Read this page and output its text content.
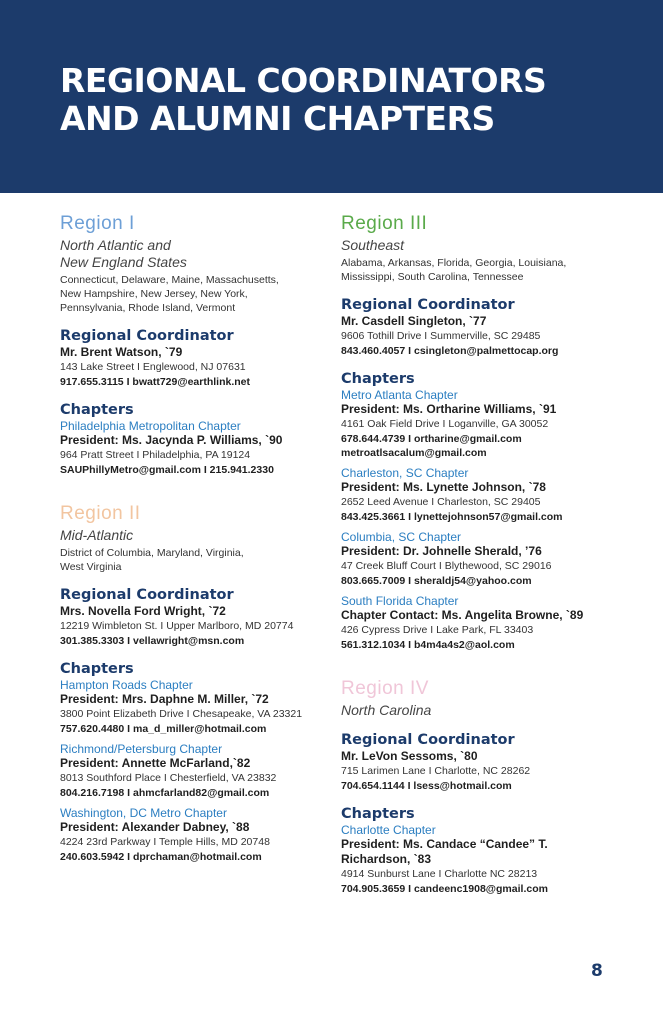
REGIONAL COORDINATORS
AND ALUMNI CHAPTERS
Region I

North Atlantic and
New England States

Connecticut, Delaware, Maine, Massachusetts,
New Hampshire, New Jersey, New York,
Pennsylvania, Rhode Island, Vermont

Regional Coordinator

Mr. Brent Watson, `79

143 Lake Street I Englewood, NJ 07631

917.655.3115 I bwatt729@earthlink.net

Chapters

Philadelphia Metropolitan Chapter

President: Ms. Jacynda P. Williams, `90

964 Pratt Street I Philadelphia, PA 19124

SAUPhillyMetro@gmail.com I 215.941.2330

Region II

Mid-Atlantic

District of Columbia, Maryland, Virginia,
West Virginia

Regional Coordinator

Mrs. Novella Ford Wright, `72

12219 Wimbleton St. I Upper Marlboro, MD 20774

301.385.3303 I vellawright@msn.com

Chapters

Hampton Roads Chapter

President: Mrs. Daphne M. Miller, `72

3800 Point Elizabeth Drive I Chesapeake, VA 23321

757.620.4480 I ma_d_miller@hotmail.com

Richmond/Petersburg Chapter

President: Annette McFarland,`82

8013 Southford Place I Chesterfield, VA 23832

804.216.7198 I ahmcfarland82@gmail.com

Washington, DC Metro Chapter

President: Alexander Dabney, `88

4224 23rd Parkway I Temple Hills, MD 20748

240.603.5942 I dprchaman@hotmail.com

Region III

Southeast

Alabama, Arkansas, Florida, Georgia, Louisiana,
Mississippi, South Carolina, Tennessee

Regional Coordinator

Mr. Casdell Singleton, `77

9606 Tothill Drive I Summerville, SC 29485

843.460.4057 I csingleton@palmettocap.org

Chapters

Metro Atlanta Chapter

President: Ms. Ortharine Williams, `91

4161 Oak Field Drive I Loganville, GA 30052

678.644.4739 I ortharine@gmail.com
metroatlsacalum@gmail.com

Charleston, SC Chapter

President: Ms. Lynette Johnson, `78

2652 Leed Avenue I Charleston, SC 29405

843.425.3661 I lynettejohnson57@gmail.com

Columbia, SC Chapter

President: Dr. Johnelle Sherald, ’76

47 Creek Bluff Court I Blythewood, SC 29016

803.665.7009 I sheraldj54@yahoo.com

South Florida Chapter

Chapter Contact: Ms. Angelita Browne, `89

426 Cypress Drive I Lake Park, FL 33403

561.312.1034 I b4m4a4s2@aol.com

Region IV

North Carolina

Regional Coordinator

Mr. LeVon Sessoms, `80

715 Larimen Lane I Charlotte, NC 28262

704.654.1144 I lsess@hotmail.com

Chapters

Charlotte Chapter

President: Ms. Candace “Candee” T.
Richardson, `83

4914 Sunburst Lane I Charlotte NC 28213

704.905.3659 I candeenc1908@gmail.com

8
